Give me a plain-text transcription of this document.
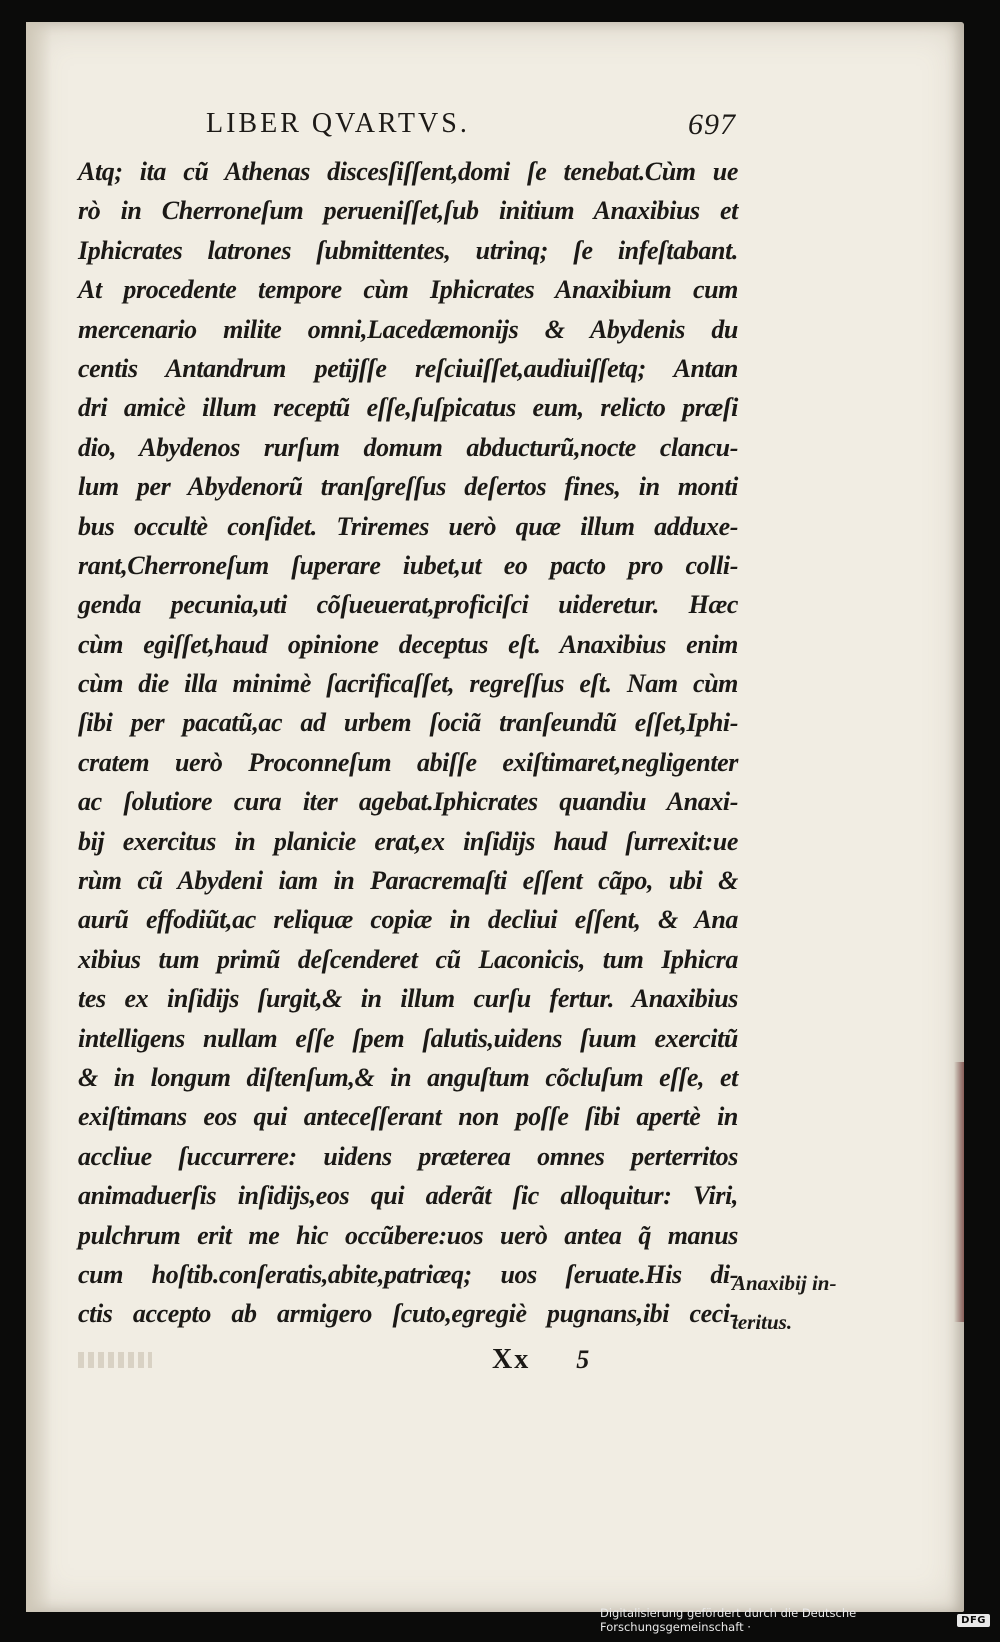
LIBER QVARTVS.	697
Atq; ita cũ Athenas discesſiſſent,domi ſe tenebat.Cùm ue
rò in Cherroneſum perueniſſet,ſub initium Anaxibius et
Iphicrates latrones ſubmittentes, utrinq; ſe infeſtabant.
At procedente tempore cùm Iphicrates Anaxibium cum
mercenario milite omni,Lacedæmonijs & Abydenis du
centis Antandrum petijſſe reſciuiſſet,audiuiſſetq; Antan
dri amicè illum receptũ eſſe,ſuſpicatus eum, relicto præſi
dio, Abydenos rurſum domum abducturũ,nocte clancu-
lum per Abydenorũ tranſgreſſus deſertos fines, in monti
bus occultè conſidet. Triremes uerò quæ illum adduxe-
rant,Cherroneſum ſuperare iubet,ut eo pacto pro colli-
genda pecunia,uti cõſueuerat,proficiſci uideretur. Hæc
cùm egiſſet,haud opinione deceptus eſt. Anaxibius enim
cùm die illa minimè ſacrificaſſet, regreſſus eſt. Nam cùm
ſibi per pacatũ,ac ad urbem ſociã tranſeundũ eſſet,Iphi-
cratem uerò Proconneſum abiſſe exiſtimaret,negligenter
ac ſolutiore cura iter agebat.Iphicrates quandiu Anaxi-
bij exercitus in planicie erat,ex inſidijs haud ſurrexit:ue
rùm cũ Abydeni iam in Paracremaſti eſſent cãpo, ubi &
aurũ effodiũt,ac reliquæ copiæ in decliui eſſent, & Ana
xibius tum primũ deſcenderet cũ Laconicis, tum Iphicra
tes ex inſidijs ſurgit,& in illum curſu fertur. Anaxibius
intelligens nullam eſſe ſpem ſalutis,uidens ſuum exercitũ
& in longum diſtenſum,& in anguſtum cõcluſum eſſe, et
exiſtimans eos qui anteceſſerant non poſſe ſibi apertè in
accliue ſuccurrere: uidens præterea omnes perterritos
animaduerſis inſidijs,eos qui aderãt ſic alloquitur: Viri,
pulchrum erit me hic occũbere:uos uerò antea q̃ manus
cum hoſtib.conſeratis,abite,patriæq; uos ſeruate.His di-
ctis accepto ab armigero ſcuto,egregiè pugnans,ibi ceci-
Anaxibij in-
teritus.
Xx 5
Digitalisierung gefördert durch die Deutsche Forschungsgemeinschaft ·	DFG
